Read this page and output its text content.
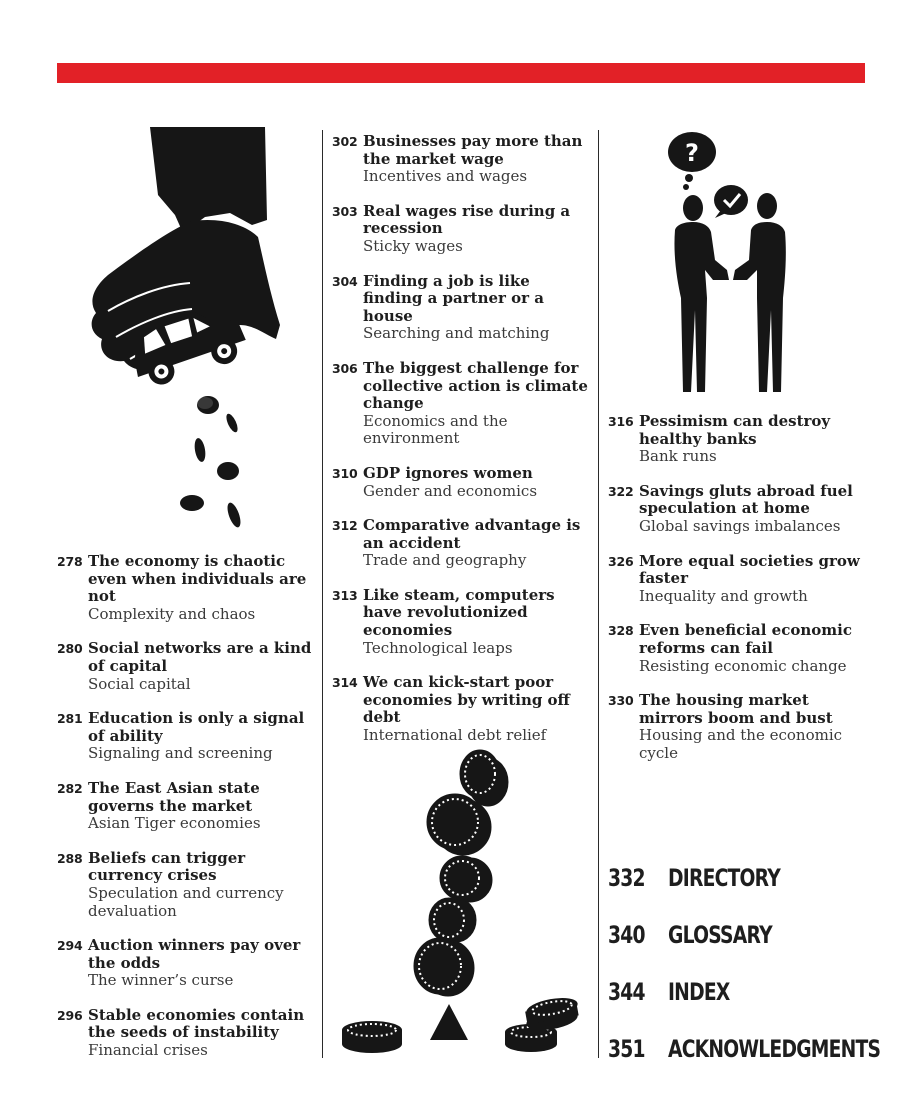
?
278 The economy is chaotic even when individuals are not
Complexity and chaos
280 Social networks are a kind of capital
Social capital
281 Education is only a signal of ability
Signaling and screening
282 The East Asian state governs the market
Asian Tiger economies
288 Beliefs can trigger currency crises
Speculation and currency devaluation
294 Auction winners pay over the odds
The winner’s curse
296 Stable economies contain the seeds of instability
Financial crises
302 Businesses pay more than the market wage
Incentives and wages
303 Real wages rise during a recession
Sticky wages
304 Finding a job is like finding a partner or a house
Searching and matching
306 The biggest challenge for collective action is climate change
Economics and the environment
310 GDP ignores women
Gender and economics
312 Comparative advantage is an accident
Trade and geography
313 Like steam, computers have revolutionized economies
Technological leaps
314 We can kick-start poor economies by writing off debt
International debt relief
316 Pessimism can destroy healthy banks
Bank runs
322 Savings gluts abroad fuel speculation at home
Global savings imbalances
326 More equal societies grow faster
Inequality and growth
328 Even beneficial economic reforms can fail
Resisting economic change
330 The housing market mirrors boom and bust
Housing and the economic cycle
332 DIRECTORY
340 GLOSSARY
344 INDEX
351 ACKNOWLEDGMENTS
